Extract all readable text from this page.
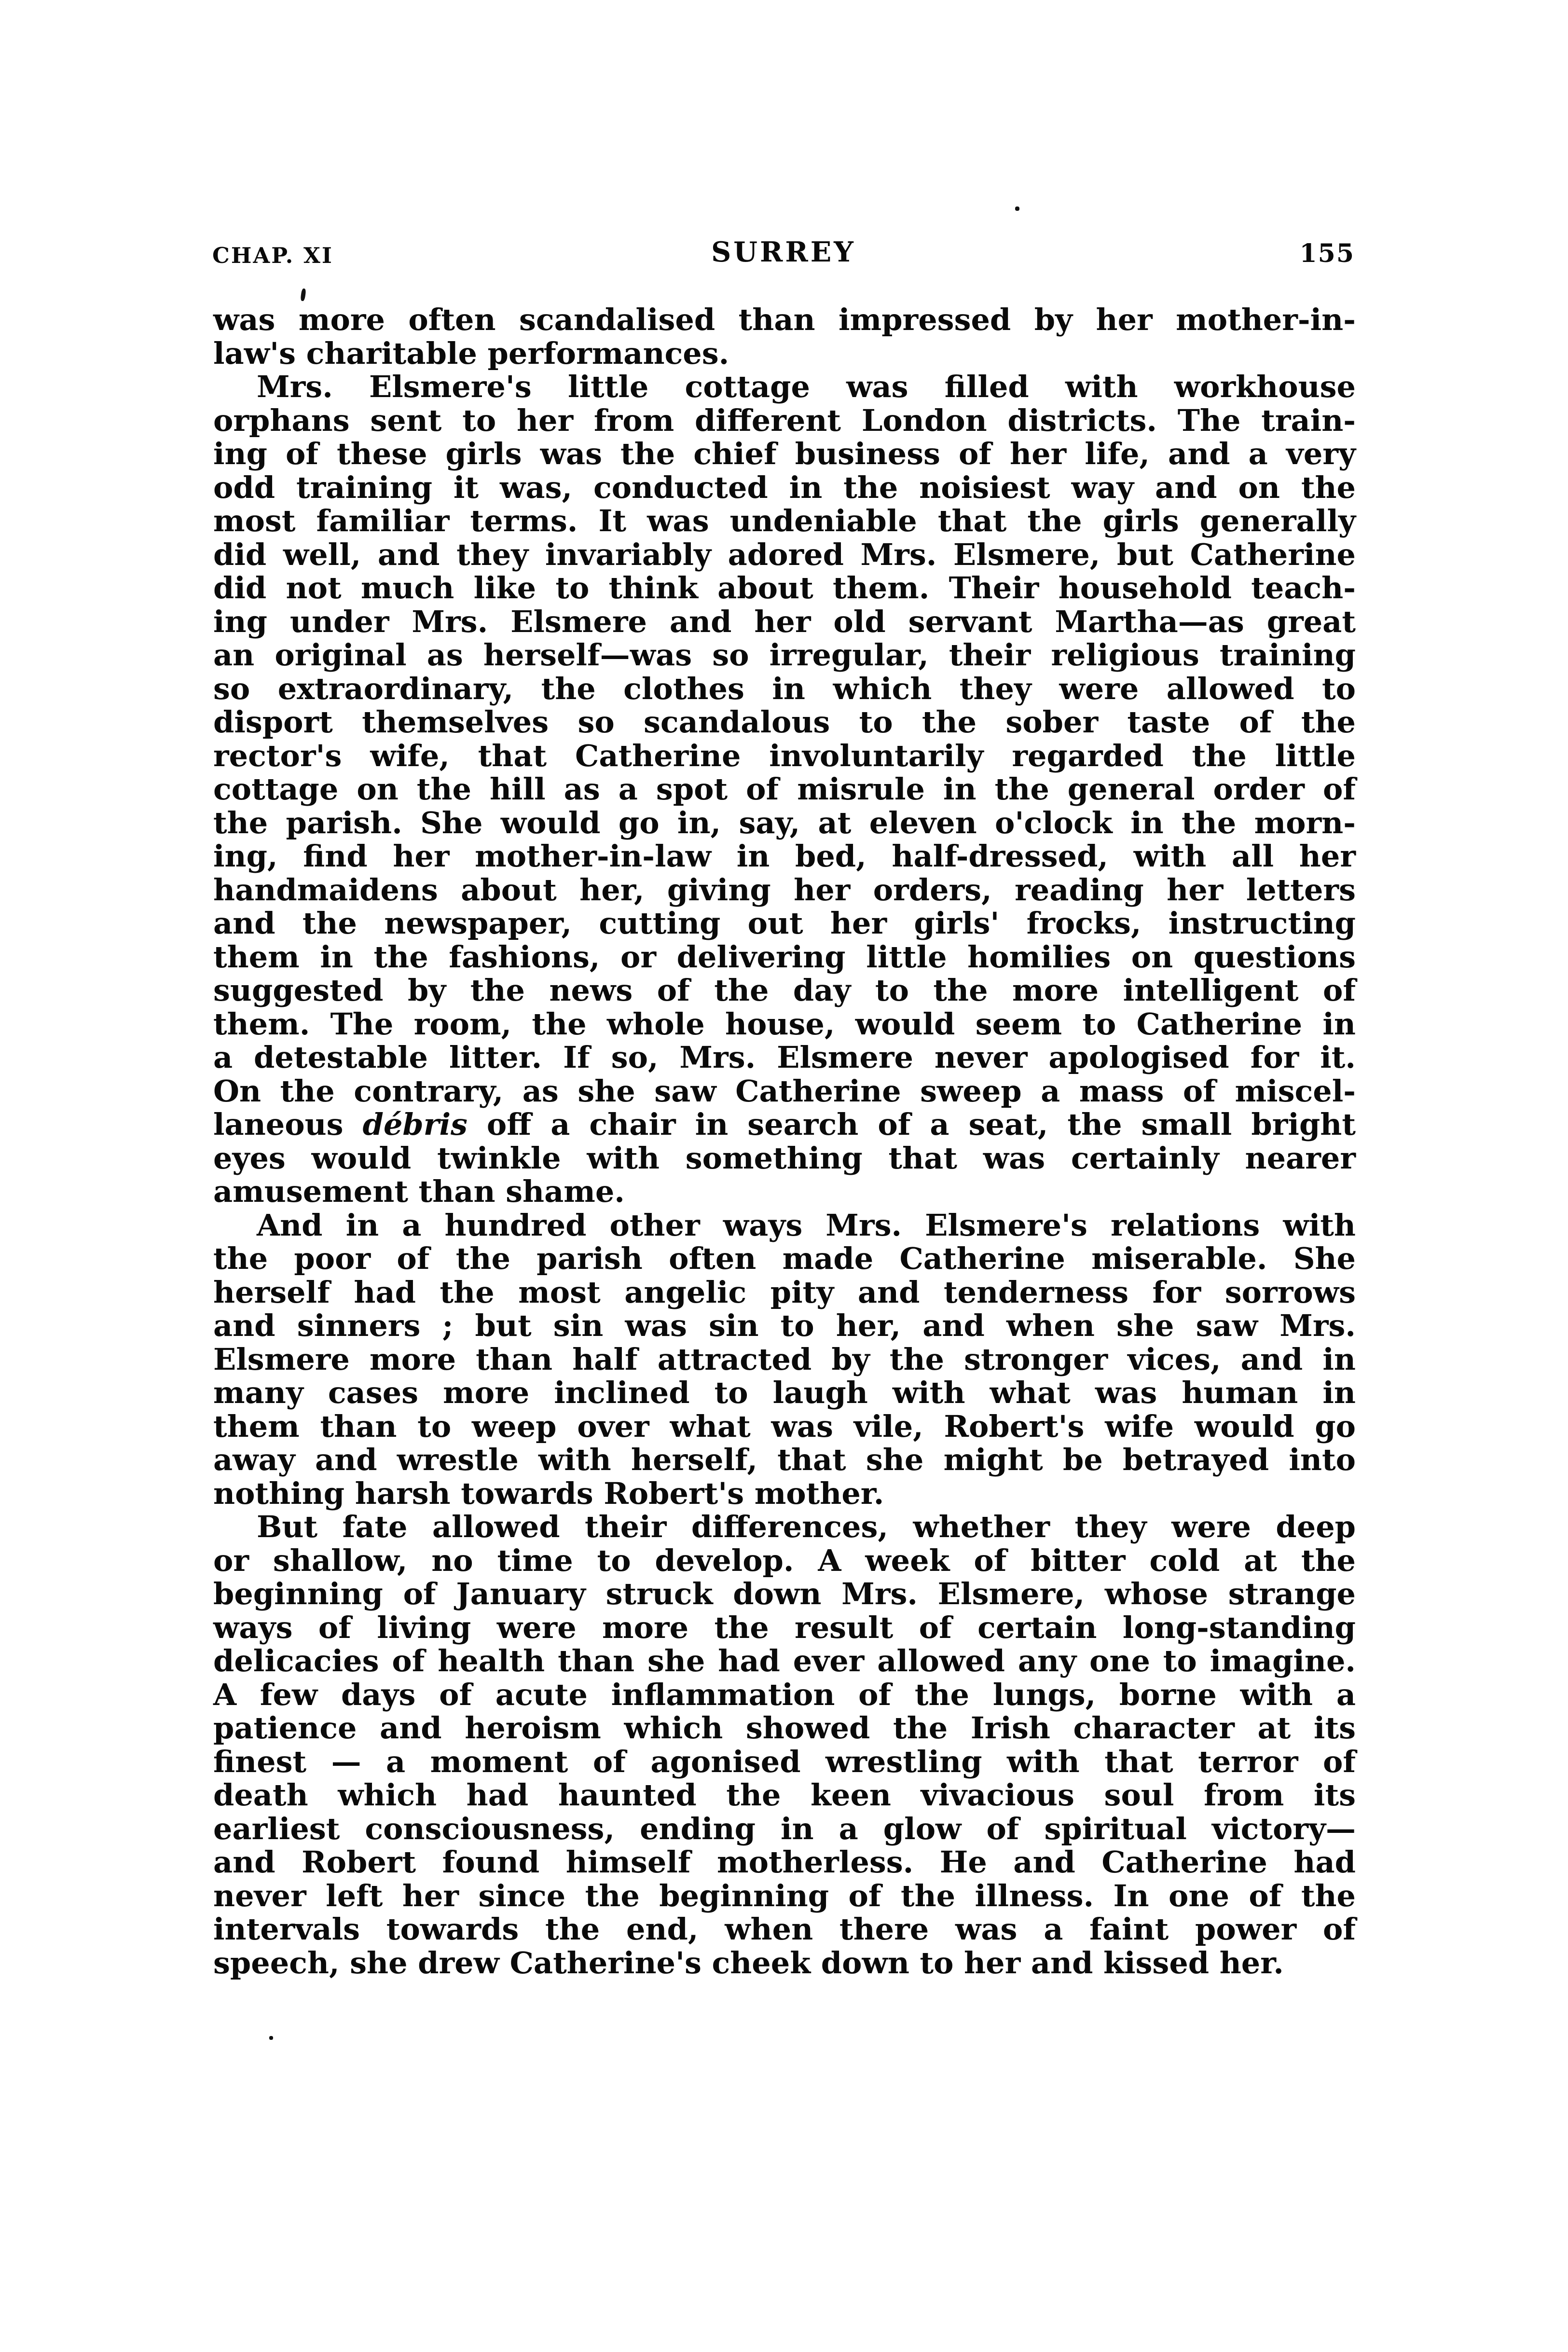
CHAP. XI	SURREY	155
was more often scandalised than impressed by her mother-in-
law's charitable performances.
Mrs. Elsmere's little cottage was filled with workhouse
orphans sent to her from different London districts. The train-
ing of these girls was the chief business of her life, and a very
odd training it was, conducted in the noisiest way and on the
most familiar terms. It was undeniable that the girls generally
did well, and they invariably adored Mrs. Elsmere, but Catherine
did not much like to think about them. Their household teach-
ing under Mrs. Elsmere and her old servant Martha—as great
an original as herself—was so irregular, their religious training
so extraordinary, the clothes in which they were allowed to
disport themselves so scandalous to the sober taste of the
rector's wife, that Catherine involuntarily regarded the little
cottage on the hill as a spot of misrule in the general order of
the parish. She would go in, say, at eleven o'clock in the morn-
ing, find her mother-in-law in bed, half-dressed, with all her
handmaidens about her, giving her orders, reading her letters
and the newspaper, cutting out her girls' frocks, instructing
them in the fashions, or delivering little homilies on questions
suggested by the news of the day to the more intelligent of
them. The room, the whole house, would seem to Catherine in
a detestable litter. If so, Mrs. Elsmere never apologised for it.
On the contrary, as she saw Catherine sweep a mass of miscel-
laneous débris off a chair in search of a seat, the small bright
eyes would twinkle with something that was certainly nearer
amusement than shame.
And in a hundred other ways Mrs. Elsmere's relations with
the poor of the parish often made Catherine miserable. She
herself had the most angelic pity and tenderness for sorrows
and sinners ; but sin was sin to her, and when she saw Mrs.
Elsmere more than half attracted by the stronger vices, and in
many cases more inclined to laugh with what was human in
them than to weep over what was vile, Robert's wife would go
away and wrestle with herself, that she might be betrayed into
nothing harsh towards Robert's mother.
But fate allowed their differences, whether they were deep
or shallow, no time to develop. A week of bitter cold at the
beginning of January struck down Mrs. Elsmere, whose strange
ways of living were more the result of certain long-standing
delicacies of health than she had ever allowed any one to imagine.
A few days of acute inflammation of the lungs, borne with a
patience and heroism which showed the Irish character at its
finest — a moment of agonised wrestling with that terror of
death which had haunted the keen vivacious soul from its
earliest consciousness, ending in a glow of spiritual victory—
and Robert found himself motherless. He and Catherine had
never left her since the beginning of the illness. In one of the
intervals towards the end, when there was a faint power of
speech, she drew Catherine's cheek down to her and kissed her.
